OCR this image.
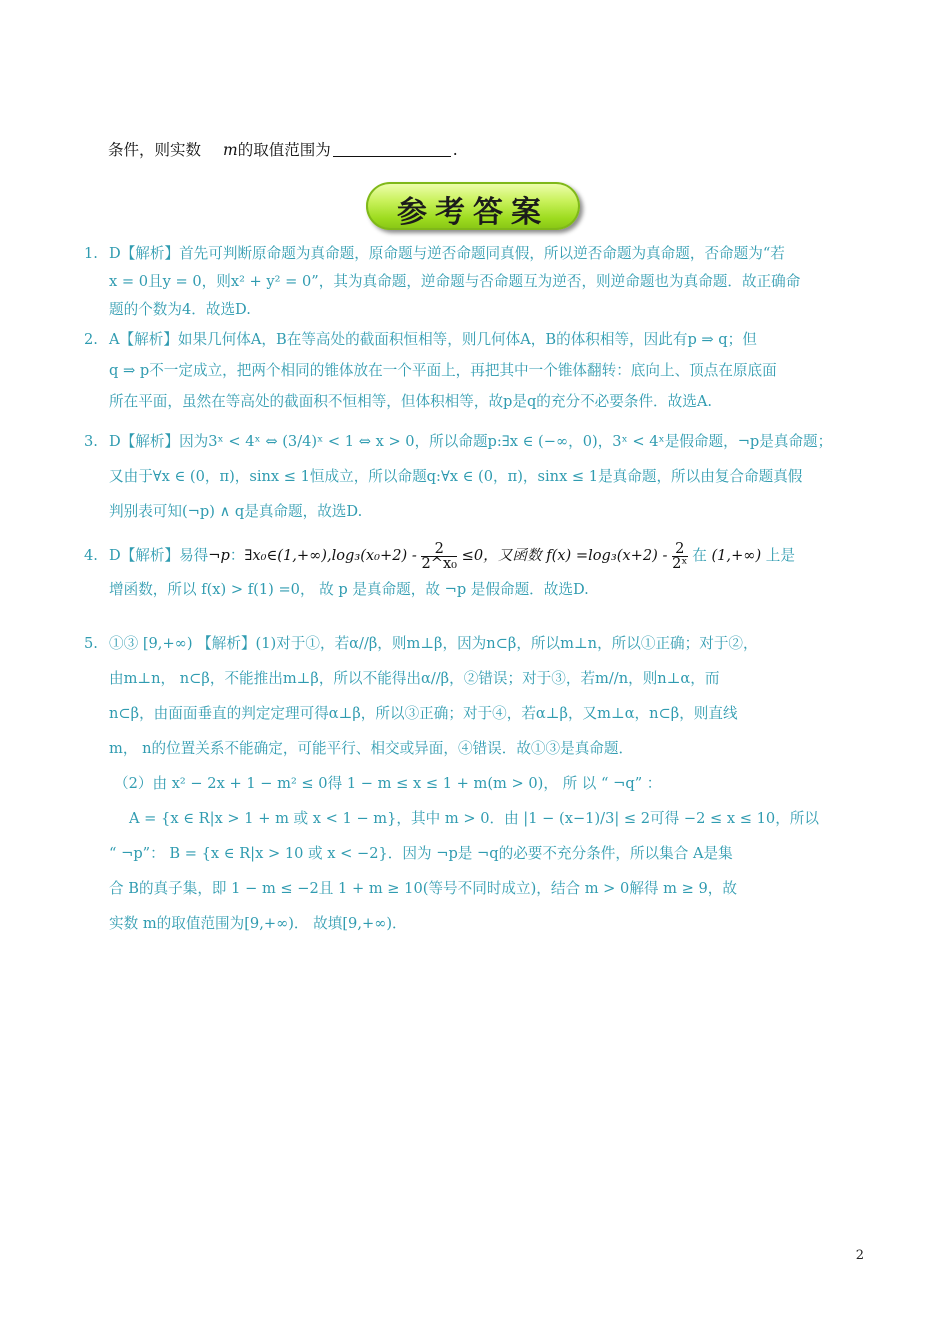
条件，则实数 m的取值范围为	.
参考答案
1. D【解析】首先可判断原命题为真命题，原命题与逆否命题同真假，所以逆否命题为真命题，否命题为“若
x = 0且y = 0，则x² + y² = 0”，其为真命题，逆命题与否命题互为逆否，则逆命题也为真命题．故正确命
题的个数为4．故选D.
2. A【解析】如果几何体A，B在等高处的截面积恒相等，则几何体A，B的体积相等，因此有p ⇒ q；但
q ⇒ p不一定成立，把两个相同的锥体放在一个平面上，再把其中一个锥体翻转：底向上、顶点在原底面
所在平面，虽然在等高处的截面积不恒相等，但体积相等，故p是q的充分不必要条件．故选A.
3. D【解析】因为3ˣ < 4ˣ ⇔ (3/4)ˣ < 1 ⇔ x > 0，所以命题p:∃x ∈ (−∞，0)，3ˣ < 4ˣ是假命题，¬p是真命题；
又由于∀x ∈ (0，π)，sinx ≤ 1恒成立，所以命题q:∀x ∈ (0，π)，sinx ≤ 1是真命题，所以由复合命题真假
判别表可知(¬p) ∧ q是真命题，故选D.
4. D【解析】易得¬p：∃x₀∈(1,+∞),log₃(x₀+2) - $\frac{2}{\text{2\textasciicircum{}x₀}} \le 0$，又函数 $f(x) =\log_3(x+2) - \frac{2}{\text{2ˣ}}$ 在 (1,+∞) 上是
增函数，所以 f(x) > f(1) =0， 故 p 是真命题，故 ¬p 是假命题．故选D.
5. ①③ [9,+∞) 【解析】(1)对于①，若α//β，则m⊥β，因为n⊂β，所以m⊥n，所以①正确；对于②，
由m⊥n， n⊂β，不能推出m⊥β，所以不能得出α//β，②错误；对于③，若m//n，则n⊥α，而
n⊂β，由面面垂直的判定定理可得α⊥β，所以③正确；对于④，若α⊥β，又m⊥α，n⊂β，则直线
m， n的位置关系不能确定，可能平行、相交或异面，④错误．故①③是真命题．
（2）由 x² − 2x + 1 − m² ≤ 0得 1 − m ≤ x ≤ 1 + m(m > 0)， 所 以 “ ¬q” ：
A = {x ∈ R|x > 1 + m 或 x < 1 − m}，其中 m > 0．由 |1 − (x−1)/3| ≤ 2可得 −2 ≤ x ≤ 10，所以
“ ¬p”： B = {x ∈ R|x > 10 或 x < −2}．因为 ¬p是 ¬q的必要不充分条件，所以集合 A是集
合 B的真子集，即 1 − m ≤ −2且 1 + m ≥ 10(等号不同时成立)，结合 m > 0解得 m ≥ 9，故
实数 m的取值范围为[9,+∞)． 故填[9,+∞)．
2
